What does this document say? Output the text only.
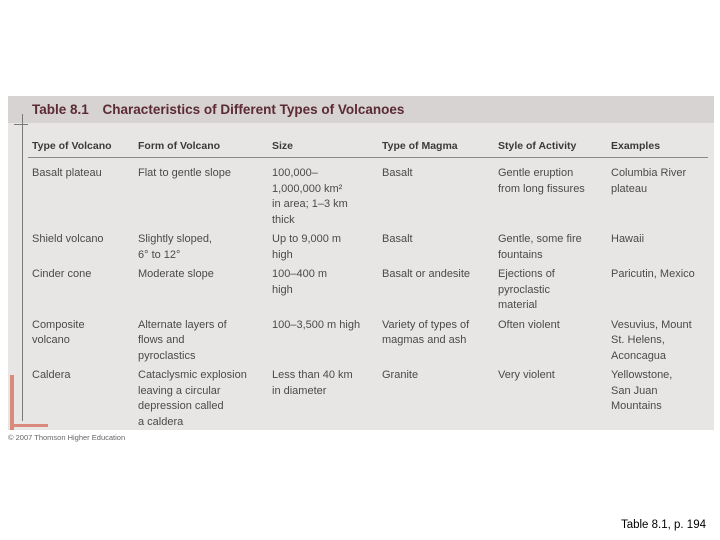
Table 8.1 Characteristics of Different Types of Volcanoes
Type of Volcano	Form of Volcano	Size	Type of Magma	Style of Activity	Examples

Basalt plateau	Flat to gentle slope	100,000–
1,000,000 km²
in area; 1–3 km
thick	Basalt	Gentle eruption
from long fissures	Columbia River
plateau

Shield volcano	Slightly sloped,
6° to 12°	Up to 9,000 m
high	Basalt	Gentle, some fire
fountains	Hawaii

Cinder cone	Moderate slope	100–400 m
high	Basalt or andesite	Ejections of
pyroclastic
material	Paricutin, Mexico

Composite
volcano	Alternate layers of
flows and
pyroclastics	100–3,500 m high	Variety of types of
magmas and ash	Often violent	Vesuvius, Mount
St. Helens,
Aconcagua

Caldera	Cataclysmic explosion
leaving a circular
depression called
a caldera	Less than 40 km
in diameter	Granite	Very violent	Yellowstone,
San Juan
Mountains
© 2007 Thomson Higher Education
Table 8.1, p. 194
